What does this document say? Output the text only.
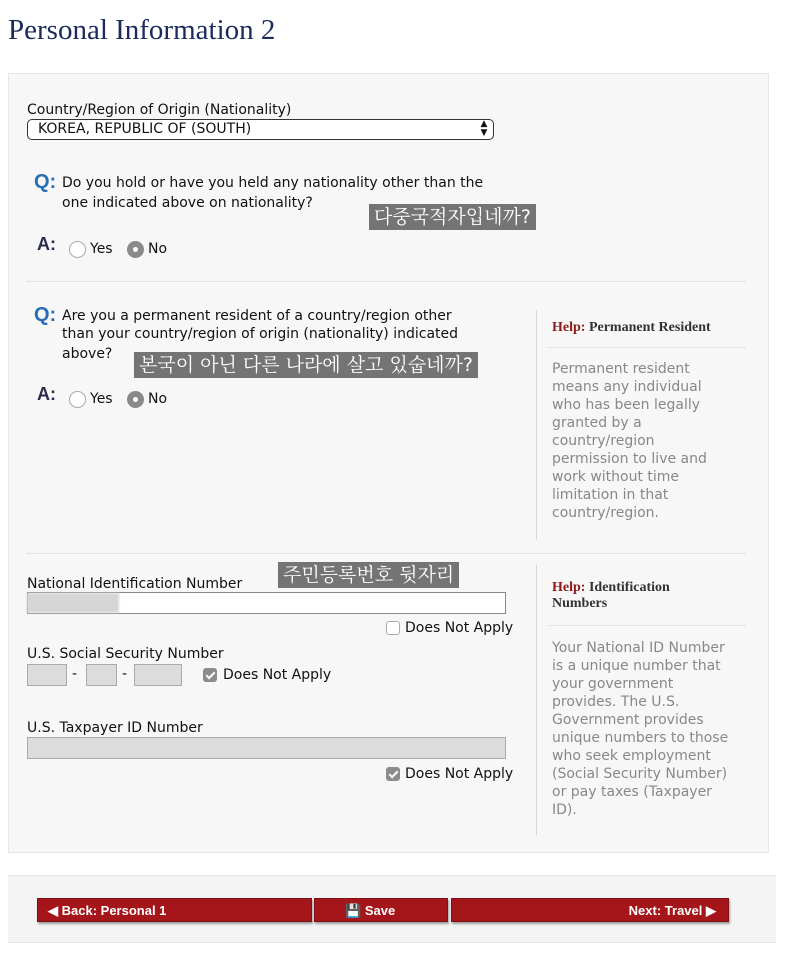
Personal Information 2
Country/Region of Origin (Nationality)
KOREA, REPUBLIC OF (SOUTH)	▲
▼
Q: Do you hold or have you held any nationality other than the
one indicated above on nationality?
다중국적자입네까?
A: Yes	No
Q: Are you a permanent resident of a country/region other
than your country/region of origin (nationality) indicated
above? 본국이 아닌 다른 나라에 살고 있숩네까?
A: Yes	No
Help: Permanent Resident
Permanent resident
means any individual
who has been legally
granted by a
country/region
permission to live and
work without time
limitation in that
country/region.
National Identification Number 주민등록번호 뒷자리
Does Not Apply
U.S. Social Security Number
-	-	Does Not Apply
U.S. Taxpayer ID Number
Does Not Apply
Help: Identification
Numbers
Your National ID Number
is a unique number that
your government
provides. The U.S.
Government provides
unique numbers to those
who seek employment
(Social Security Number)
or pay taxes (Taxpayer
ID).
◀ Back: Personal 1	💾 Save	Next: Travel ▶
